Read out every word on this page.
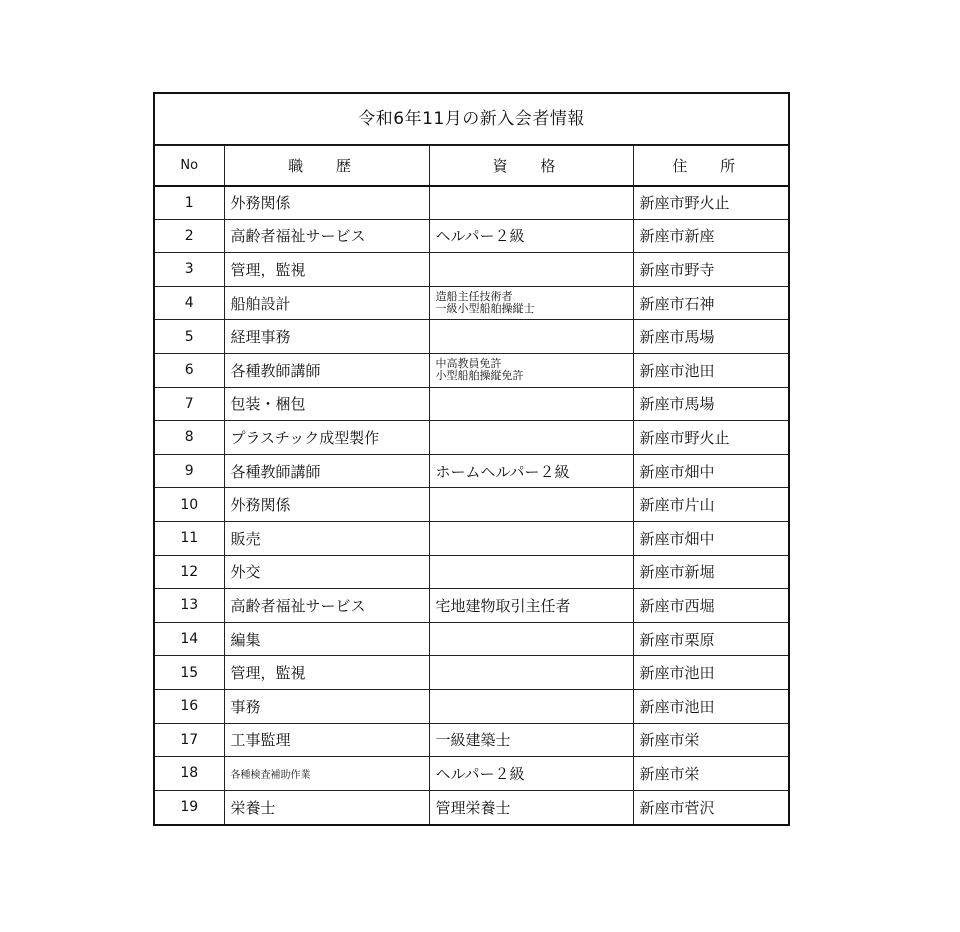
令和6年11月の新入会者情報
No	職 歴	資 格	住 所
1	外務関係		新座市野火止
2	高齢者福祉サービス	ヘルパー２級	新座市新座
3	管理，監視		新座市野寺
4	船舶設計	造船主任技術者
一級小型船舶操縦士	新座市石神
5	経理事務		新座市馬場
6	各種教師講師	中高教員免許
小型船舶操縦免許	新座市池田
7	包装・梱包		新座市馬場
8	プラスチック成型製作		新座市野火止
9	各種教師講師	ホームヘルパー２級	新座市畑中
10	外務関係		新座市片山
11	販売		新座市畑中
12	外交		新座市新堀
13	高齢者福祉サービス	宅地建物取引主任者	新座市西堀
14	編集		新座市栗原
15	管理，監視		新座市池田
16	事務		新座市池田
17	工事監理	一級建築士	新座市栄
18	各種検査補助作業	ヘルパー２級	新座市栄
19	栄養士	管理栄養士	新座市菅沢
